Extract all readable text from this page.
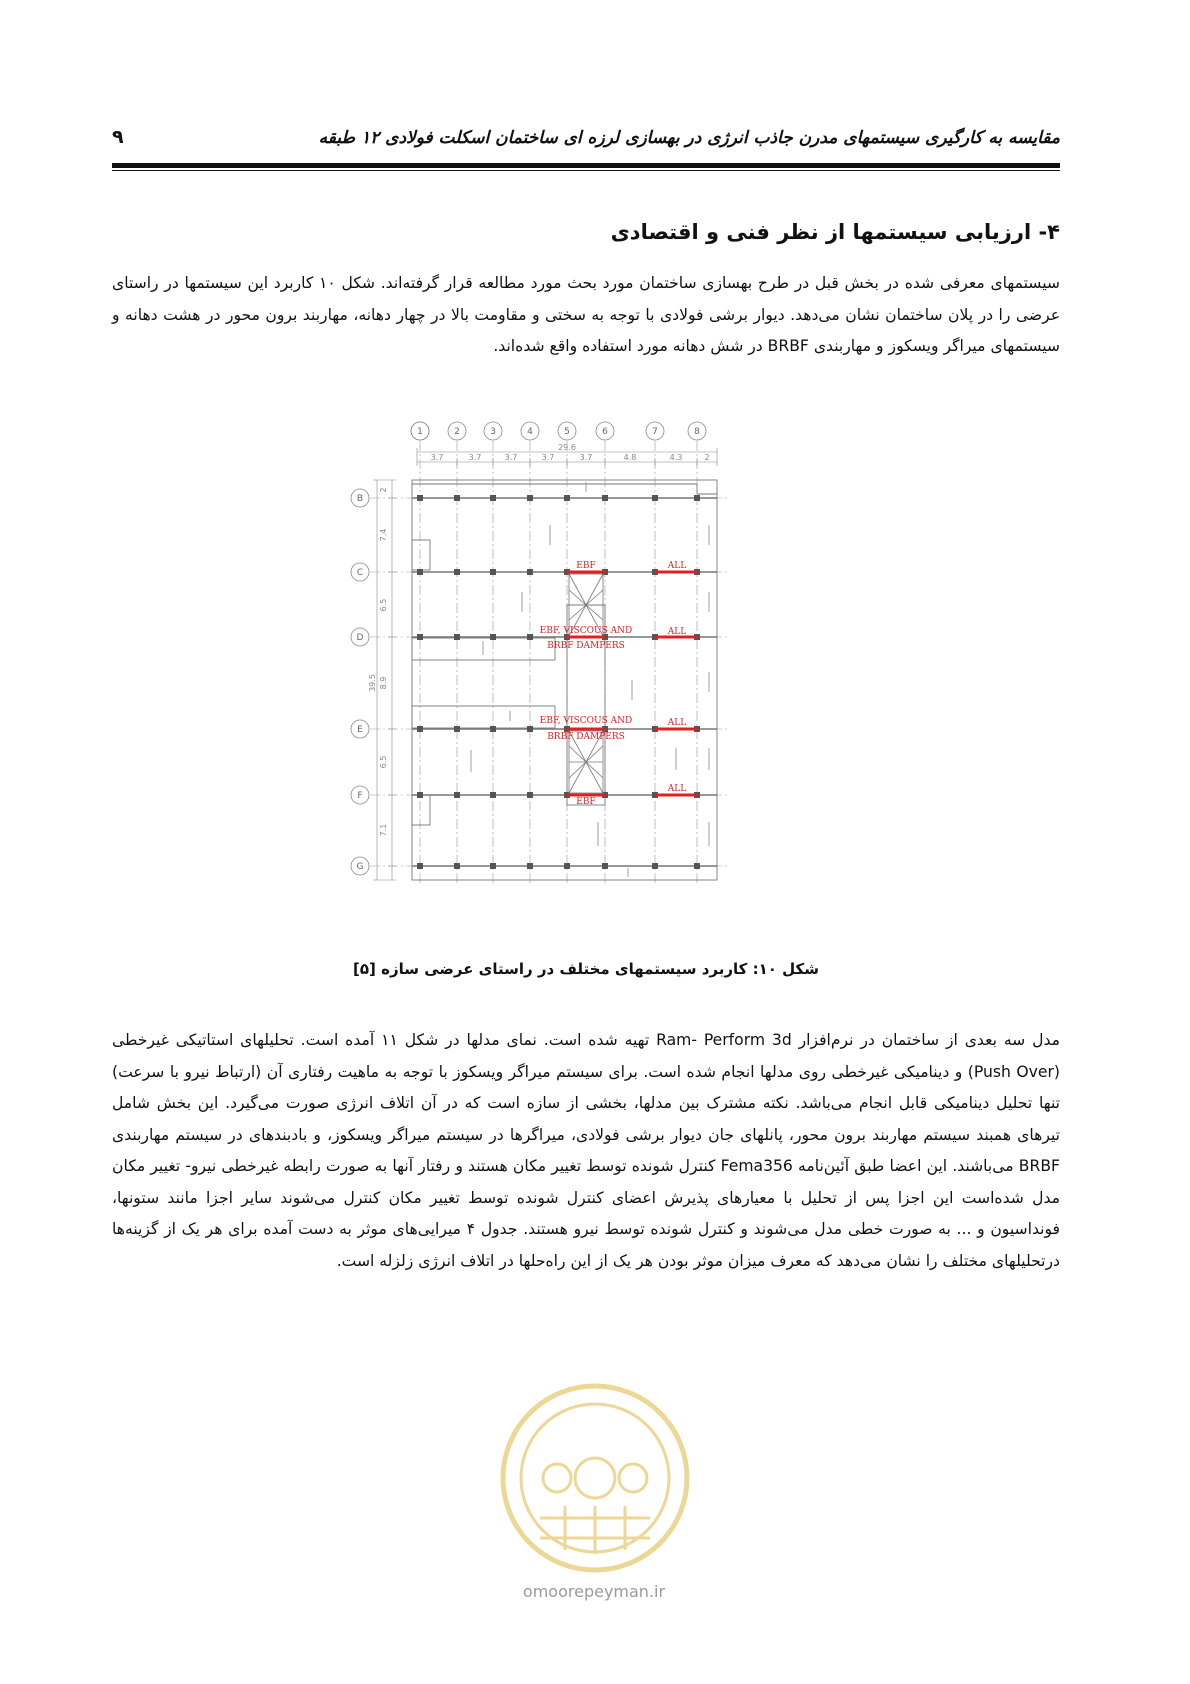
مقایسه به کارگیری سیستمهای مدرن جاذب انرژی در بهسازی لرزه ای ساختمان اسکلت فولادی ۱۲ طبقه
۹
۴- ارزیابی سیستمها از نظر فنی و اقتصادی
سیستمهای معرفی شده در بخش قبل در طرح بهسازی ساختمان مورد بحث مورد مطالعه قرار گرفته‌اند. شکل ۱۰ کاربرد این سیستمها در راستای عرضی را در پلان ساختمان نشان می‌دهد. دیوار برشی فولادی با توجه به سختی و مقاومت بالا در چهار دهانه، مهاربند برون محور در هشت دهانه و سیستمهای میراگر ویسکوز و مهاربندی BRBF در شش دهانه مورد استفاده واقع شده‌اند.
1	2	3	4	5	6	7	8
B
C
D
E
F
G
29.6
3.7	3.7	3.7	3.7	3.7	4.8	4.3	2
39.5
2
7.4
6.5
8.9
6.5
7.1
EBF	ALL
EBF, VISCOUS AND
BRBF DAMPERS
ALL
EBF, VISCOUS AND
BRBF DAMPERS
ALL
EBF
ALL
شکل ۱۰: کاربرد سیستمهای مختلف در راستای عرضی سازه [۵]
مدل سه بعدی از ساختمان در نرم‌افزار Ram- Perform 3d تهیه شده است. نمای مدلها در شکل ۱۱ آمده است. تحلیلهای استاتیکی غیرخطی (Push Over) و دینامیکی غیرخطی روی مدلها انجام شده است. برای سیستم میراگر ویسکوز با توجه به ماهیت رفتاری آن (ارتباط نیرو با سرعت) تنها تحلیل دینامیکی قابل انجام می‌باشد. نکته مشترک بین مدلها، بخشی از سازه است که در آن اتلاف انرژی صورت می‌گیرد. این بخش شامل تیرهای همبند سیستم مهاربند برون محور، پانلهای جان دیوار برشی فولادی، میراگرها در سیستم میراگر ویسکوز، و بادبندهای در سیستم مهاربندی BRBF می‌باشند. این اعضا طبق آئین‌نامه Fema356 کنترل شونده توسط تغییر مکان هستند و رفتار آنها به صورت رابطه غیرخطی نیرو- تغییر مکان مدل شده‌است این اجزا پس از تحلیل با معیارهای پذیرش اعضای کنترل شونده توسط تغییر مکان کنترل می‌شوند سایر اجزا مانند ستونها، فونداسیون و ... به صورت خطی مدل می‌شوند و کنترل شونده توسط نیرو هستند. جدول ۴ میرایی‌های موثر به دست آمده برای هر یک از گزینه‌ها درتحلیلهای مختلف را نشان می‌دهد که معرف میزان موثر بودن هر یک از این راه‌حلها در اتلاف انرژی زلزله است.
omoorepeyman.ir
